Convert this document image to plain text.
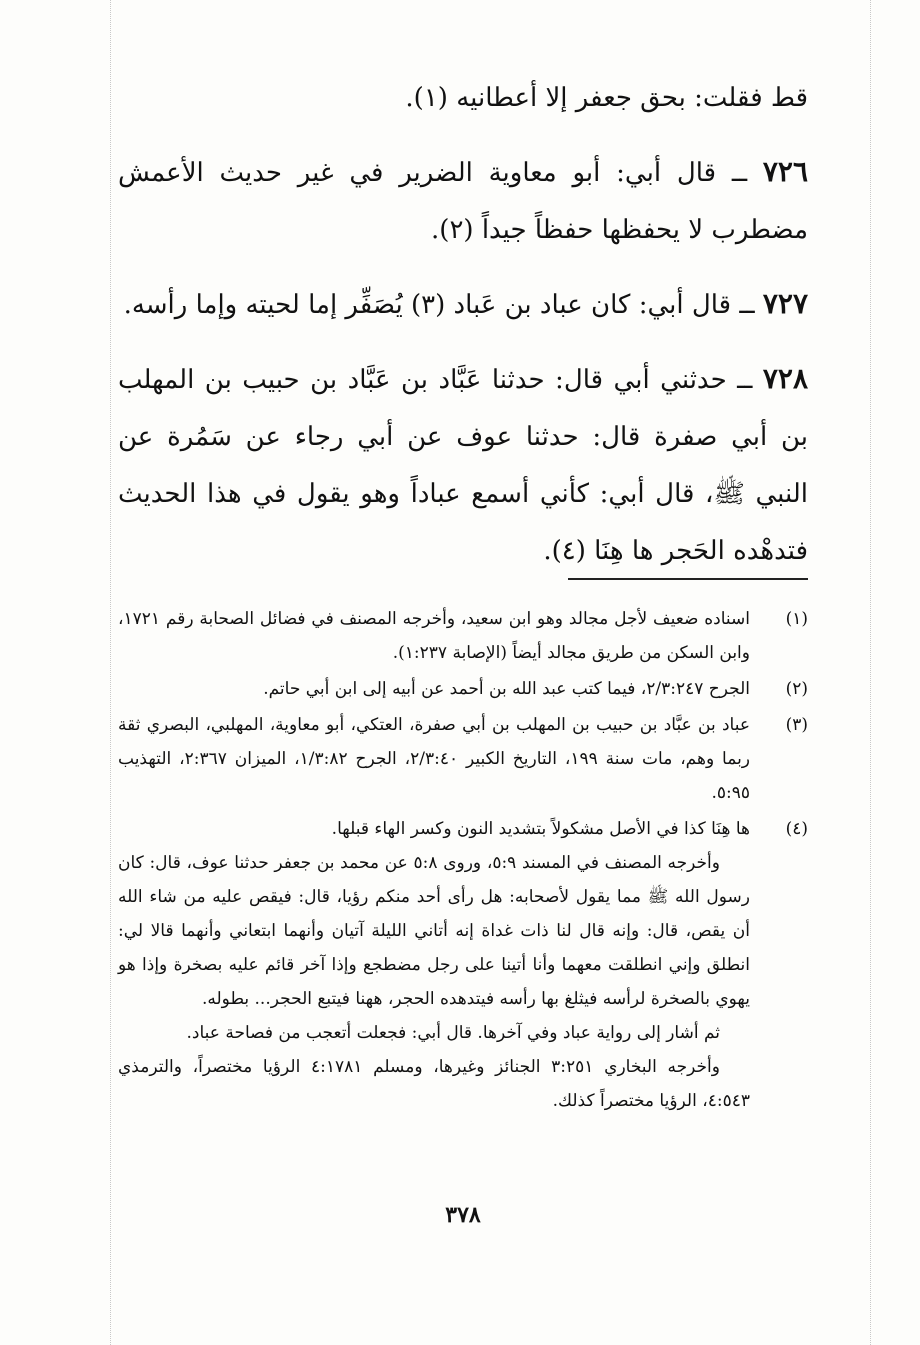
قط فقلت: بحق جعفر إلا أعطانيه (١).

٧٢٦ ــ قال أبي: أبو معاوية الضرير في غير حديث الأعمش مضطرب لا يحفظها حفظاً جيداً (٢).

٧٢٧ ــ قال أبي: كان عباد بن عَباد (٣) يُصَفِّر إما لحيته وإما رأسه.

٧٢٨ ــ حدثني أبي قال: حدثنا عَبَّاد بن عَبَّاد بن حبيب بن المهلب بن أبي صفرة قال: حدثنا عوف عن أبي رجاء عن سَمُرة عن النبي ﷺ، قال أبي: كأني أسمع عباداً وهو يقول في هذا الحديث فتدهْده الحَجر ها هِنَا (٤).

(١)

اسناده ضعيف لأجل مجالد وهو ابن سعيد، وأخرجه المصنف في فضائل الصحابة رقم ١٧٢١، وابن السكن من طريق مجالد أيضاً (الإصابة ١:٢٣٧).

(٢)

الجرح ٢/٣:٢٤٧، فيما كتب عبد الله بن أحمد عن أبيه إلى ابن أبي حاتم.

(٣)

عباد بن عبَّاد بن حبيب بن المهلب بن أبي صفرة، العتكي، أبو معاوية، المهلبي، البصري ثقة ربما وهم، مات سنة ١٩٩، التاريخ الكبير ٢/٣:٤٠، الجرح ١/٣:٨٢، الميزان ٢:٣٦٧، التهذيب ٥:٩٥.

(٤)

ها هِنَا كذا في الأصل مشكولاً بتشديد النون وكسر الهاء قبلها.

وأخرجه المصنف في المسند ٥:٩، وروى ٥:٨ عن محمد بن جعفر حدثنا عوف، قال: كان رسول الله ﷺ مما يقول لأصحابه: هل رأى أحد منكم رؤيا، قال: فيقص عليه من شاء الله أن يقص، قال: وإنه قال لنا ذات غداة إنه أتاني الليلة آتيان وأنهما ابتعاني وأنهما قالا لي: انطلق وإني انطلقت معهما وأنا أتينا على رجل مضطجع وإذا آخر قائم عليه بصخرة وإذا هو يهوي بالصخرة لرأسه فيثلغ بها رأسه فيتدهده الحجر، ههنا فيتبع الحجر... بطوله.

ثم أشار إلى رواية عباد وفي آخرها. قال أبي: فجعلت أتعجب من فصاحة عباد.

وأخرجه البخاري ٣:٢٥١ الجنائز وغيرها، ومسلم ٤:١٧٨١ الرؤيا مختصراً، والترمذي ٤:٥٤٣، الرؤيا مختصراً كذلك.

٣٧٨
